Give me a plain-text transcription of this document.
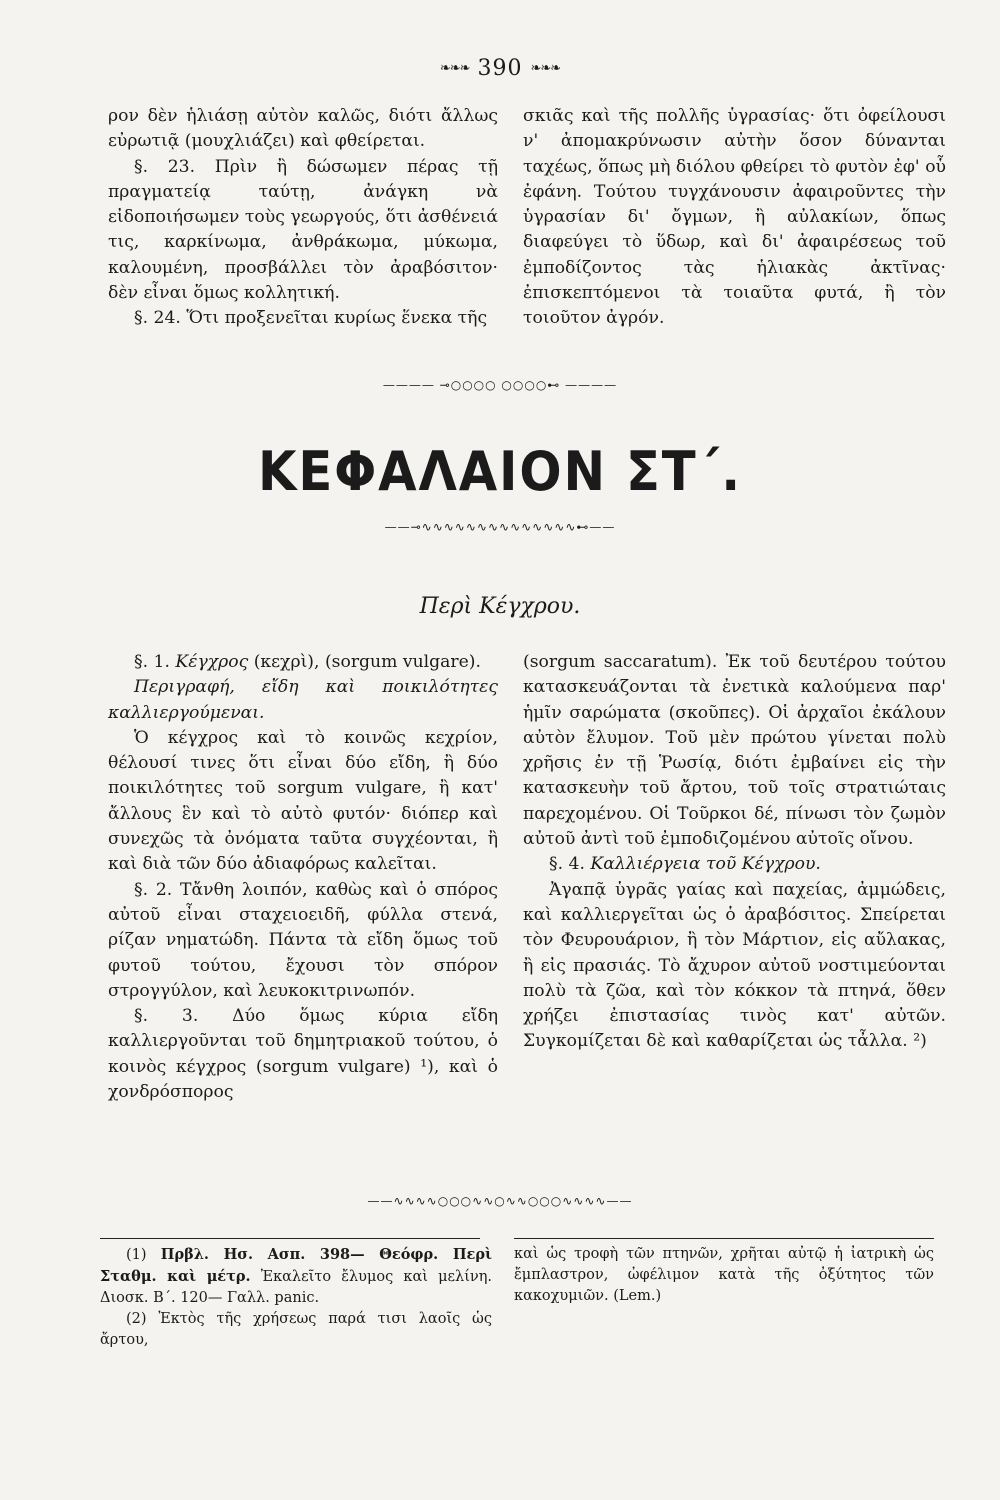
❧❧❧ 390 ❧❧❧

ρον δὲν ἡλιάσῃ αὐτὸν καλῶς, διότι ἄλλως εὐρωτιᾷ (μουχλιάζει) καὶ φθείρεται.

§. 23. Πρὶν ἢ δώσωμεν πέρας τῇ πραγματείᾳ ταύτῃ, ἀνάγκη νὰ εἰδοποιήσωμεν τοὺς γεωργούς, ὅτι ἀσθένειά τις, καρκίνωμα, ἀνθράκωμα, μύκωμα, καλουμένη, προσβάλλει τὸν ἀραβόσιτον· δὲν εἶναι ὅμως κολλητική.

§. 24. Ὅτι προξενεῖται κυρίως ἕνεκα τῆς

σκιᾶς καὶ τῆς πολλῆς ὑγρασίας· ὅτι ὀφείλουσι ν' ἀπομακρύνωσιν αὐτὴν ὅσον δύνανται ταχέως, ὅπως μὴ διόλου φθείρει τὸ φυτὸν ἐφ' οὗ ἐφάνη. Τούτου τυγχάνουσιν ἀφαιροῦντες τὴν ὑγρασίαν δι' ὄγμων, ἢ αὐλακίων, ὅπως διαφεύγει τὸ ὕδωρ, καὶ δι' ἀφαιρέσεως τοῦ ἐμποδίζοντος τὰς ἡλιακὰς ἀκτῖνας· ἐπισκεπτόμενοι τὰ τοιαῦτα φυτά, ἢ τὸν τοιοῦτον ἀγρόν.

———— ⊸○○○○ ○○○○⊷ ————
ΚΕΦΑΛΑΙΟΝ ΣΤ΄.
——⊸∿∿∿∿∿∿∿∿∿∿∿∿∿∿⊷——
Περὶ Κέγχρου.

§. 1. Κέγχρος (κεχρὶ), (sorgum vulgare).

Περιγραφή, εἴδη καὶ ποικιλότητες καλλιεργούμεναι.

Ὁ κέγχρος καὶ τὸ κοινῶς κεχρίον, θέλουσί τινες ὅτι εἶναι δύο εἴδη, ἢ δύο ποικιλότητες τοῦ sorgum vulgare, ἢ κατ' ἄλλους ἓν καὶ τὸ αὐτὸ φυτόν· διόπερ καὶ συνεχῶς τὰ ὀνόματα ταῦτα συγχέονται, ἢ καὶ διὰ τῶν δύο ἀδιαφόρως καλεῖται.

§. 2. Τἄνθη λοιπόν, καθὼς καὶ ὁ σπόρος αὐτοῦ εἶναι σταχειοειδῆ, φύλλα στενά, ρίζαν νηματώδη. Πάντα τὰ εἴδη ὅμως τοῦ φυτοῦ τούτου, ἔχουσι τὸν σπόρον στρογγύλον, καὶ λευκοκιτρινωπόν.

§. 3. Δύο ὅμως κύρια εἴδη καλλιεργοῦνται τοῦ δημητριακοῦ τούτου, ὁ κοινὸς κέγχρος (sorgum vulgare) ¹), καὶ ὁ χονδρόσπορος

(sorgum saccaratum). Ἐκ τοῦ δευτέρου τούτου κατασκευάζονται τὰ ἐνετικὰ καλούμενα παρ' ἡμῖν σαρώματα (σκοῦπες). Οἱ ἀρχαῖοι ἐκάλουν αὐτὸν ἔλυμον. Τοῦ μὲν πρώτου γίνεται πολὺ χρῆσις ἐν τῇ Ῥωσίᾳ, διότι ἐμβαίνει εἰς τὴν κατασκευὴν τοῦ ἄρτου, τοῦ τοῖς στρατιώταις παρεχομένου. Οἱ Τοῦρκοι δέ, πίνωσι τὸν ζωμὸν αὐτοῦ ἀντὶ τοῦ ἐμποδιζομένου αὐτοῖς οἴνου.

§. 4. Καλλιέργεια τοῦ Κέγχρου.

Ἀγαπᾷ ὑγρᾶς γαίας καὶ παχείας, ἀμμώδεις, καὶ καλλιεργεῖται ὡς ὁ ἀραβόσιτος. Σπείρεται τὸν Φευρουάριον, ἢ τὸν Μάρτιον, εἰς αὔλακας, ἢ εἰς πρασιάς. Τὸ ἄχυρον αὐτοῦ νοστιμεύονται πολὺ τὰ ζῶα, καὶ τὸν κόκκον τὰ πτηνά, ὅθεν χρήζει ἐπιστασίας τινὸς κατ' αὐτῶν. Συγκομίζεται δὲ καὶ καθαρίζεται ὡς τἆλλα. ²)

——∿∿∿∿○○○∿∿○∿∿○○○∿∿∿∿——

(1) Πρβλ. Ησ. Ασπ. 398— Θεόφρ. Περὶ Σταθμ. καὶ μέτρ. Ἐκαλεῖτο ἔλυμος καὶ μελίνη. Διοσκ. Β΄. 120— Γαλλ. panic.

(2) Ἐκτὸς τῆς χρήσεως παρά τισι λαοῖς ὡς ἄρτου,

καὶ ὡς τροφὴ τῶν πτηνῶν, χρῆται αὐτῷ ἡ ἰατρικὴ ὡς ἔμπλαστρον, ὠφέλιμον κατὰ τῆς ὀξύτητος τῶν κακοχυμιῶν. (Lem.)
